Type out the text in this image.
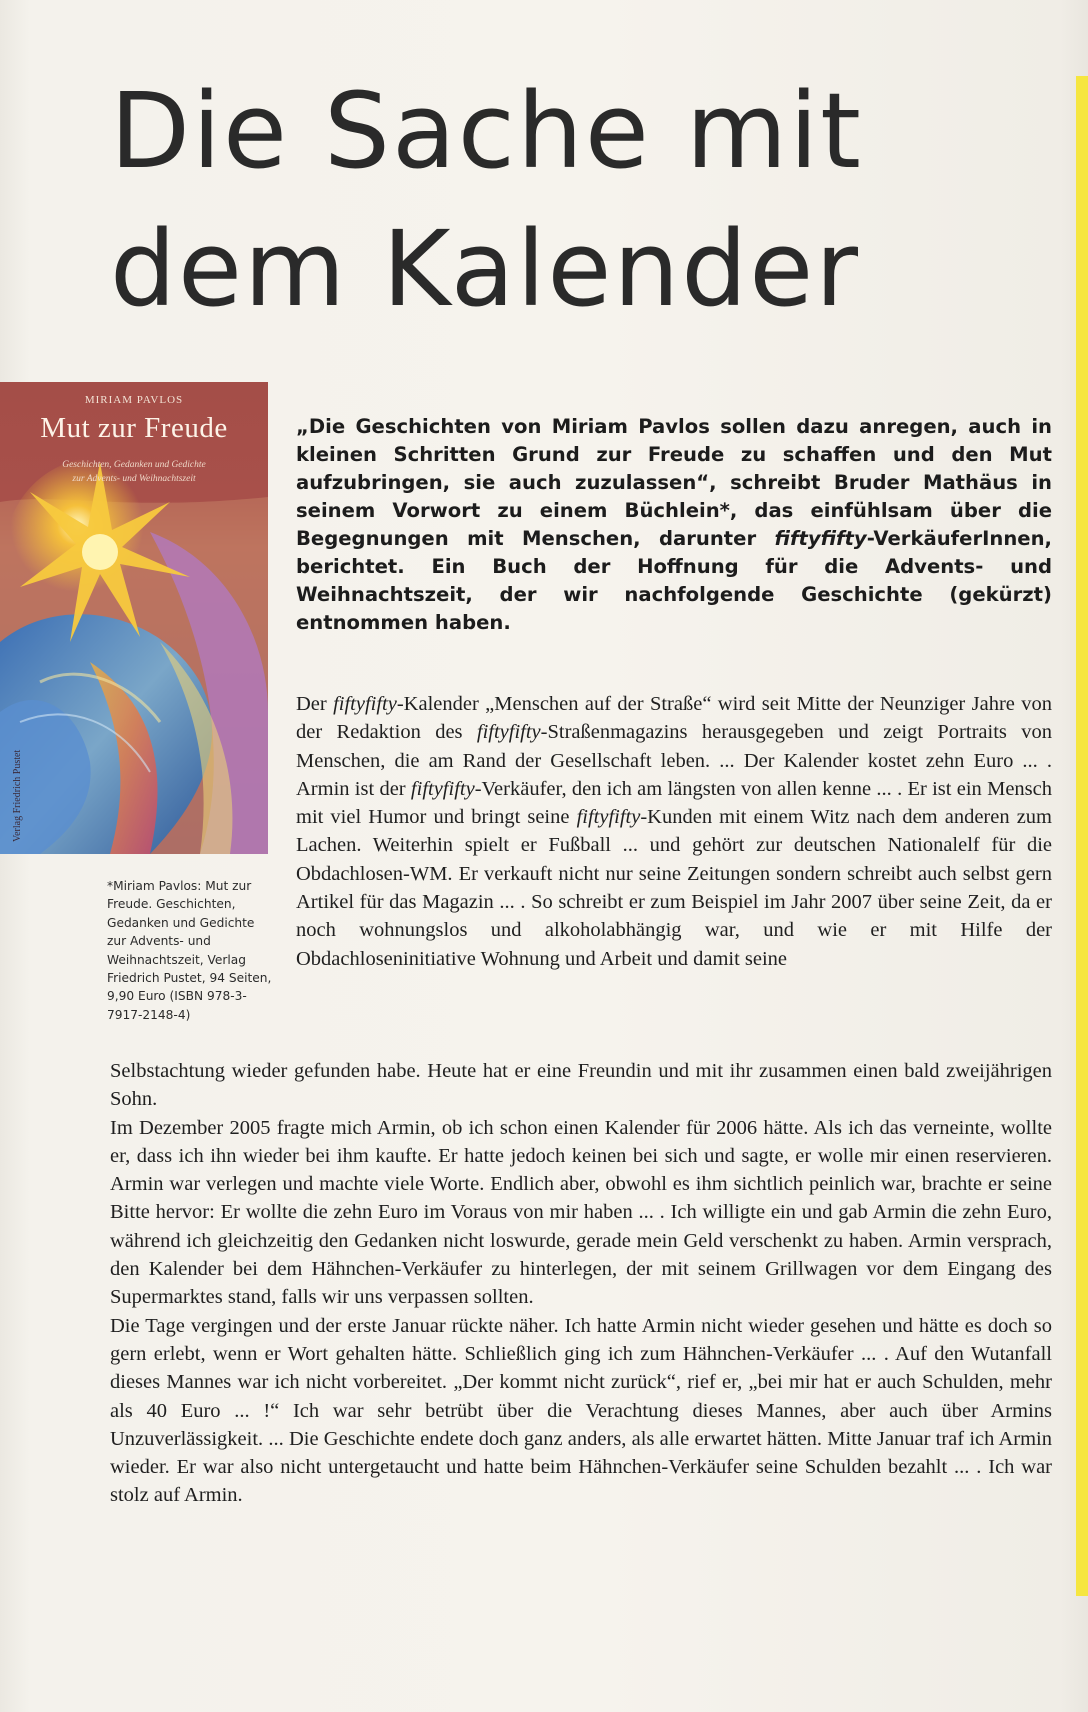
Die Sache mit
dem Kalender
MIRIAM PAVLOS
Mut zur Freude
Geschichten, Gedanken und Gedichte
zur Advents- und Weihnachtszeit
Verlag Friedrich Pustet

*Miriam Pavlos: Mut zur Freude. Geschichten, Gedanken und Gedichte zur Advents- und Weihnachtszeit, Verlag Friedrich Pustet, 94 Seiten, 9,90 Euro (ISBN 978-3-7917-2148-4)

„Die Geschichten von Miriam Pavlos sollen dazu anregen, auch in kleinen Schritten Grund zur Freude zu schaffen und den Mut aufzubringen, sie auch zuzulassen“, schreibt Bruder Mathäus in seinem Vorwort zu einem Büchlein*, das einfühlsam über die Begegnungen mit Menschen, darunter fiftyfifty-VerkäuferInnen, berichtet. Ein Buch der Hoffnung für die Advents- und Weihnachtszeit, der wir nachfolgende Geschichte (gekürzt) entnommen haben.

Der fiftyfifty-Kalender „Menschen auf der Straße“ wird seit Mitte der Neunziger Jahre von der Redaktion des fiftyfifty-Straßenmagazins herausgegeben und zeigt Portraits von Menschen, die am Rand der Gesellschaft leben. ... Der Kalender kostet zehn Euro ... . Armin ist der fiftyfifty-Verkäufer, den ich am längsten von allen kenne ... . Er ist ein Mensch mit viel Humor und bringt seine fiftyfifty-Kunden mit einem Witz nach dem anderen zum Lachen. Weiterhin spielt er Fußball ... und gehört zur deutschen Nationalelf für die Obdachlosen-WM. Er verkauft nicht nur seine Zeitungen sondern schreibt auch selbst gern Artikel für das Magazin ... . So schreibt er zum Beispiel im Jahr 2007 über seine Zeit, da er noch wohnungslos und alkoholabhängig war, und wie er mit Hilfe der Obdachloseninitiative Wohnung und Arbeit und damit seine

Selbstachtung wieder gefunden habe. Heute hat er eine Freundin und mit ihr zusammen einen bald zweijährigen Sohn.

Im Dezember 2005 fragte mich Armin, ob ich schon einen Kalender für 2006 hätte. Als ich das verneinte, wollte er, dass ich ihn wieder bei ihm kaufte. Er hatte jedoch keinen bei sich und sagte, er wolle mir einen reservieren. Armin war verlegen und machte viele Worte. Endlich aber, obwohl es ihm sichtlich peinlich war, brachte er seine Bitte hervor: Er wollte die zehn Euro im Voraus von mir haben ... . Ich willigte ein und gab Armin die zehn Euro, während ich gleichzeitig den Gedanken nicht loswurde, gerade mein Geld verschenkt zu haben. Armin versprach, den Kalender bei dem Hähnchen-Verkäufer zu hinterlegen, der mit seinem Grillwagen vor dem Eingang des Supermarktes stand, falls wir uns verpassen sollten.

Die Tage vergingen und der erste Januar rückte näher. Ich hatte Armin nicht wieder gesehen und hätte es doch so gern erlebt, wenn er Wort gehalten hätte. Schließlich ging ich zum Hähnchen-Verkäufer ... . Auf den Wutanfall dieses Mannes war ich nicht vorbereitet. „Der kommt nicht zurück“, rief er, „bei mir hat er auch Schulden, mehr als 40 Euro ... !“ Ich war sehr betrübt über die Verachtung dieses Mannes, aber auch über Armins Unzuverlässigkeit. ... Die Geschichte endete doch ganz anders, als alle erwartet hätten. Mitte Januar traf ich Armin wieder. Er war also nicht untergetaucht und hatte beim Hähnchen-Verkäufer seine Schulden bezahlt ... . Ich war stolz auf Armin.
